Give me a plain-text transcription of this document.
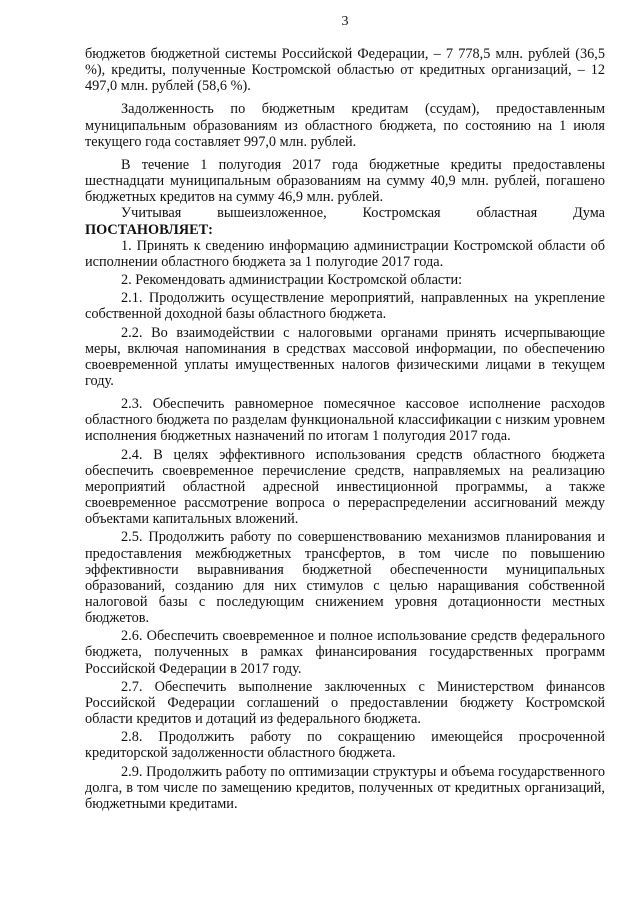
3

бюджетов бюджетной системы Российской Федерации, – 7 778,5 млн. рублей (36,5 %), кредиты, полученные Костромской областью от кредитных организаций, – 12 497,0 млн. рублей (58,6 %).

Задолженность по бюджетным кредитам (ссудам), предоставленным муниципальным образованиям из областного бюджета, по состоянию на 1 июля текущего года составляет 997,0 млн. рублей.

В течение 1 полугодия 2017 года бюджетные кредиты предоставлены шестнадцати муниципальным образованиям на сумму 40,9 млн. рублей, погашено бюджетных кредитов на сумму 46,9 млн. рублей.

Учитывая вышеизложенное, Костромская областная Дума ПОСТАНОВЛЯЕТ:

1. Принять к сведению информацию администрации Костромской области об исполнении областного бюджета за 1 полугодие 2017 года.

2. Рекомендовать администрации Костромской области:

2.1. Продолжить осуществление мероприятий, направленных на укрепление собственной доходной базы областного бюджета.

2.2. Во взаимодействии с налоговыми органами принять исчерпывающие меры, включая напоминания в средствах массовой информации, по обеспечению своевременной уплаты имущественных налогов физическими лицами в текущем году.

2.3. Обеспечить равномерное помесячное кассовое исполнение расходов областного бюджета по разделам функциональной классификации с низким уровнем исполнения бюджетных назначений по итогам 1 полугодия 2017 года.

2.4. В целях эффективного использования средств областного бюджета обеспечить своевременное перечисление средств, направляемых на реализацию мероприятий областной адресной инвестиционной программы, а также своевременное рассмотрение вопроса о перераспределении ассигнований между объектами капитальных вложений.

2.5. Продолжить работу по совершенствованию механизмов планирования и предоставления межбюджетных трансфертов, в том числе по повышению эффективности выравнивания бюджетной обеспеченности муниципальных образований, созданию для них стимулов с целью наращивания собственной налоговой базы с последующим снижением уровня дотационности местных бюджетов.

2.6. Обеспечить своевременное и полное использование средств федерального бюджета, полученных в рамках финансирования государственных программ Российской Федерации в 2017 году.

2.7. Обеспечить выполнение заключенных с Министерством финансов Российской Федерации соглашений о предоставлении бюджету Костромской области кредитов и дотаций из федерального бюджета.

2.8. Продолжить работу по сокращению имеющейся просроченной кредиторской задолженности областного бюджета.

2.9. Продолжить работу по оптимизации структуры и объема государственного долга, в том числе по замещению кредитов, полученных от кредитных организаций, бюджетными кредитами.
